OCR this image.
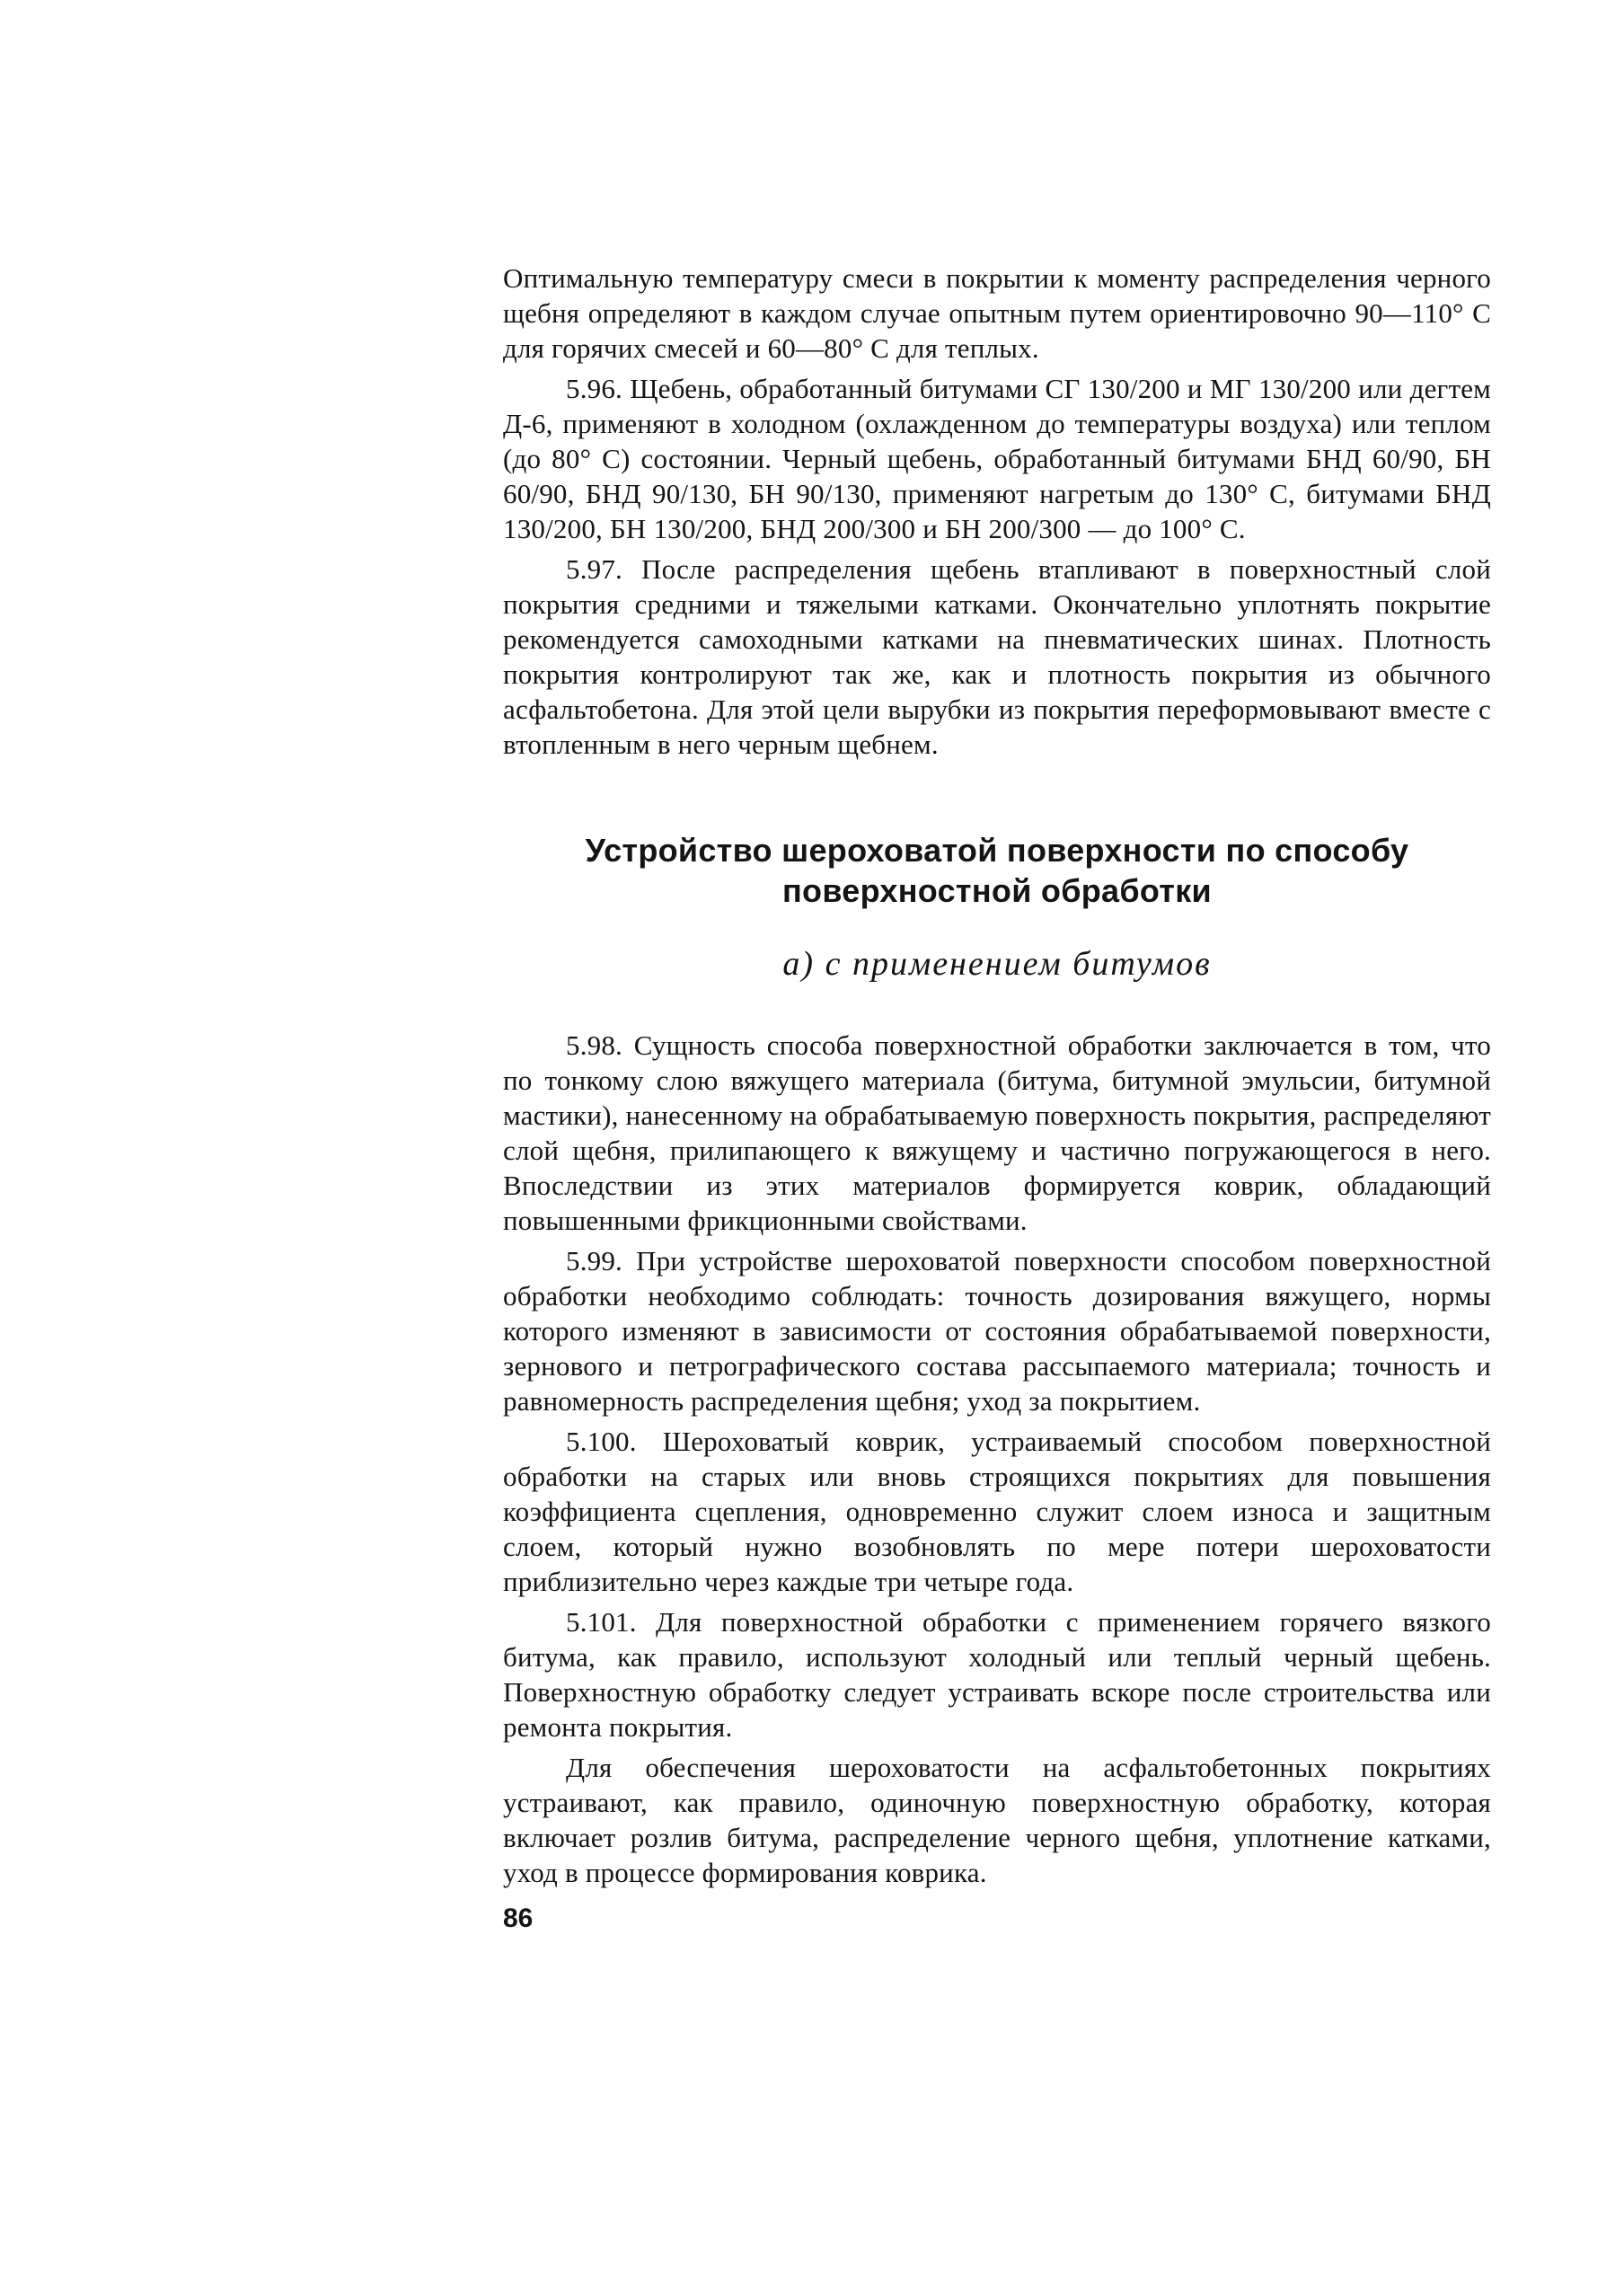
Оптимальную температуру смеси в покрытии к моменту распределения черного щебня определяют в каждом случае опытным путем ориентировочно 90—110° С для горячих смесей и 60—80° С для теплых.

5.96. Щебень, обработанный битумами СГ 130/200 и МГ 130/200 или дегтем Д-6, применяют в холодном (охлажденном до температуры воздуха) или теплом (до 80° С) состоянии. Черный щебень, обработанный битумами БНД 60/90, БН 60/90, БНД 90/130, БН 90/130, применяют нагретым до 130° С, битумами БНД 130/200, БН 130/200, БНД 200/300 и БН 200/300 — до 100° С.

5.97. После распределения щебень втапливают в поверхностный слой покрытия средними и тяжелыми катками. Окончательно уплотнять покрытие рекомендуется самоходными катками на пневматических шинах. Плотность покрытия контролируют так же, как и плотность покрытия из обычного асфальтобетона. Для этой цели вырубки из покрытия переформовывают вместе с втопленным в него черным щебнем.

Устройство шероховатой поверхности по способу
поверхностной обработки
а) с применением битумов

5.98. Сущность способа поверхностной обработки заключается в том, что по тонкому слою вяжущего материала (битума, битумной эмульсии, битумной мастики), нанесенному на обрабатываемую поверхность покрытия, распределяют слой щебня, прилипающего к вяжущему и частично погружающегося в него. Впоследствии из этих материалов формируется коврик, обладающий повышенными фрикционными свойствами.

5.99. При устройстве шероховатой поверхности способом поверхностной обработки необходимо соблюдать: точность дозирования вяжущего, нормы которого изменяют в зависимости от состояния обрабатываемой поверхности, зернового и петрографического состава рассыпаемого материала; точность и равномерность распределения щебня; уход за покрытием.

5.100. Шероховатый коврик, устраиваемый способом поверхностной обработки на старых или вновь строящихся покрытиях для повышения коэффициента сцепления, одновременно служит слоем износа и защитным слоем, который нужно возобновлять по мере потери шероховатости приблизительно через каждые три четыре года.

5.101. Для поверхностной обработки с применением горячего вязкого битума, как правило, используют холодный или теплый черный щебень. Поверхностную обработку следует устраивать вскоре после строительства или ремонта покрытия.

Для обеспечения шероховатости на асфальтобетонных покрытиях устраивают, как правило, одиночную поверхностную обработку, которая включает розлив битума, распределение черного щебня, уплотнение катками, уход в процессе формирования коврика.

86
